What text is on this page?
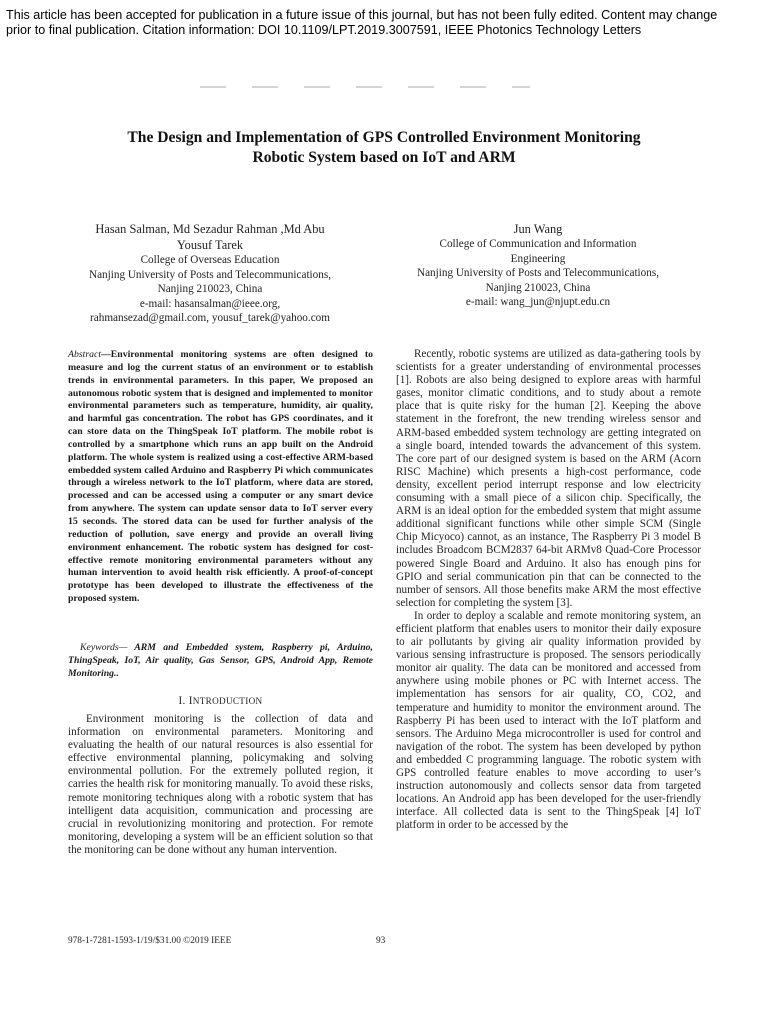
This article has been accepted for publication in a future issue of this journal, but has not been fully edited. Content may change
prior to final publication. Citation information: DOI 10.1109/LPT.2019.3007591, IEEE Photonics Technology Letters
The Design and Implementation of GPS Controlled Environment Monitoring
Robotic System based on IoT and ARM
Hasan Salman, Md Sezadur Rahman ,Md Abu
Yousuf Tarek
College of Overseas Education
Nanjing University of Posts and Telecommunications,
Nanjing 210023, China
e-mail: hasansalman@ieee.org,
rahmansezad@gmail.com, yousuf_tarek@yahoo.com
Jun Wang
College of Communication and Information
Engineering
Nanjing University of Posts and Telecommunications,
Nanjing 210023, China
e-mail: wang_jun@njupt.edu.cn
Abstract—Environmental monitoring systems are often designed to measure and log the current status of an environment or to establish trends in environmental parameters. In this paper, We proposed an autonomous robotic system that is designed and implemented to monitor environmental parameters such as temperature, humidity, air quality, and harmful gas concentration. The robot has GPS coordinates, and it can store data on the ThingSpeak IoT platform. The mobile robot is controlled by a smartphone which runs an app built on the Android platform. The whole system is realized using a cost-effective ARM-based embedded system called Arduino and Raspberry Pi which communicates through a wireless network to the IoT platform, where data are stored, processed and can be accessed using a computer or any smart device from anywhere. The system can update sensor data to IoT server every 15 seconds. The stored data can be used for further analysis of the reduction of pollution, save energy and provide an overall living environment enhancement. The robotic system has designed for cost-effective remote monitoring environmental parameters without any human intervention to avoid health risk efficiently. A proof-of-concept prototype has been developed to illustrate the effectiveness of the proposed system.
Keywords— ARM and Embedded system, Raspberry pi, Arduino, ThingSpeak, IoT, Air quality, Gas Sensor, GPS, Android App, Remote Monitoring..
I. INTRODUCTION
Environment monitoring is the collection of data and information on environmental parameters. Monitoring and evaluating the health of our natural resources is also essential for effective environmental planning, policymaking and solving environmental pollution. For the extremely polluted region, it carries the health risk for monitoring manually. To avoid these risks, remote monitoring techniques along with a robotic system that has intelligent data acquisition, communication and processing are crucial in revolutionizing monitoring and protection. For remote monitoring, developing a system will be an efficient solution so that the monitoring can be done without any human intervention.

Recently, robotic systems are utilized as data-gathering tools by scientists for a greater understanding of environmental processes [1]. Robots are also being designed to explore areas with harmful gases, monitor climatic conditions, and to study about a remote place that is quite risky for the human [2]. Keeping the above statement in the forefront, the new trending wireless sensor and ARM-based embedded system technology are getting integrated on a single board, intended towards the advancement of this system. The core part of our designed system is based on the ARM (Acorn RISC Machine) which presents a high-cost performance, code density, excellent period interrupt response and low electricity consuming with a small piece of a silicon chip. Specifically, the ARM is an ideal option for the embedded system that might assume additional significant functions while other simple SCM (Single Chip Micyoco) cannot, as an instance, The Raspberry Pi 3 model B includes Broadcom BCM2837 64-bit ARMv8 Quad-Core Processor powered Single Board and Arduino. It also has enough pins for GPIO and serial communication pin that can be connected to the number of sensors. All those benefits make ARM the most effective selection for completing the system [3].

In order to deploy a scalable and remote monitoring system, an efficient platform that enables users to monitor their daily exposure to air pollutants by giving air quality information provided by various sensing infrastructure is proposed. The sensors periodically monitor air quality. The data can be monitored and accessed from anywhere using mobile phones or PC with Internet access. The implementation has sensors for air quality, CO, CO2, and temperature and humidity to monitor the environment around. The Raspberry Pi has been used to interact with the IoT platform and sensors. The Arduino Mega microcontroller is used for control and navigation of the robot. The system has been developed by python and embedded C programming language. The robotic system with GPS controlled feature enables to move according to user’s instruction autonomously and collects sensor data from targeted locations. An Android app has been developed for the user-friendly interface. All collected data is sent to the ThingSpeak [4] IoT platform in order to be accessed by the

978-1-7281-1593-1/19/$31.00 ©2019 IEEE	93
